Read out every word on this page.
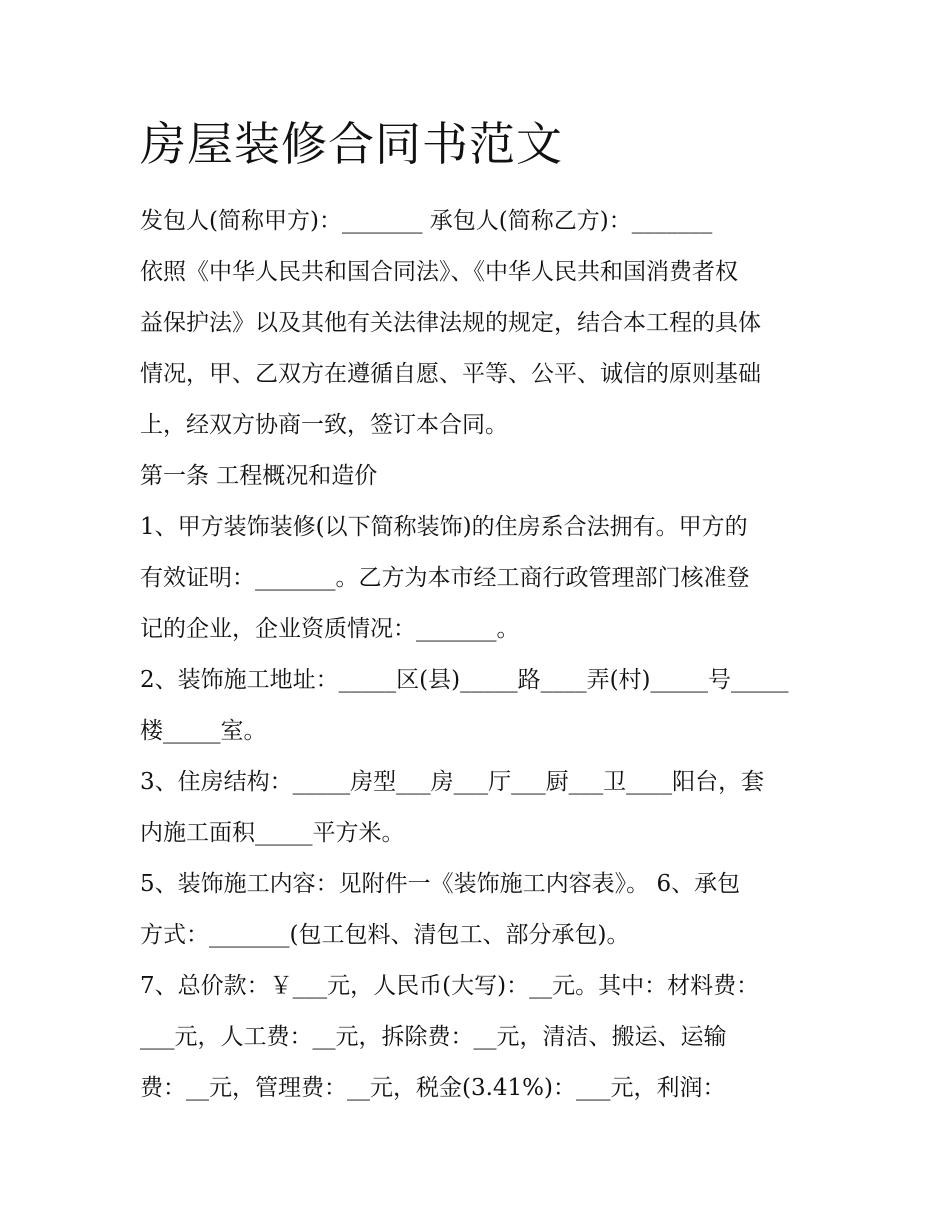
房屋装修合同书范文
发包人(简称甲方)：_______ 承包人(简称乙方)：_______
依照《中华人民共和国合同法》、《中华人民共和国消费者权
益保护法》以及其他有关法律法规的规定，结合本工程的具体
情况，甲、乙双方在遵循自愿、平等、公平、诚信的原则基础
上，经双方协商一致，签订本合同。
第一条 工程概况和造价
1、甲方装饰装修(以下简称装饰)的住房系合法拥有。甲方的
有效证明：_______。乙方为本市经工商行政管理部门核准登
记的企业，企业资质情况：_______。
2、装饰施工地址：_____区(县)_____路____弄(村)_____号_____
楼_____室。
3、住房结构：_____房型___房___厅___厨___卫____阳台，套
内施工面积_____平方米。
5、装饰施工内容：见附件一《装饰施工内容表》。 6、承包
方式：_______(包工包料、清包工、部分承包)。
7、总价款：￥___元，人民币(大写)：__元。其中：材料费：
___元，人工费：__元，拆除费：__元，清洁、搬运、运输
费：__元，管理费：__元，税金(3.41%)：___元，利润：
